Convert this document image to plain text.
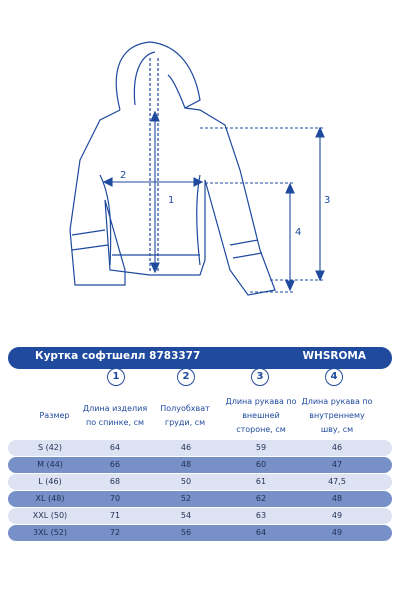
1
2
3
4
Куртка софтшелл 8783377	WHSROMA
1	2	3	4
Размер
Длина изделия
по спинке, см
Полуобхват
груди, см
Длина рукава по
внешней
стороне, см
Длина рукава по
внутреннему
шву, см
S (42)	64	46	59	46
M (44)	66	48	60	47
L (46)	68	50	61	47,5
XL (48)	70	52	62	48
XXL (50)	71	54	63	49
3XL (52)	72	56	64	49
